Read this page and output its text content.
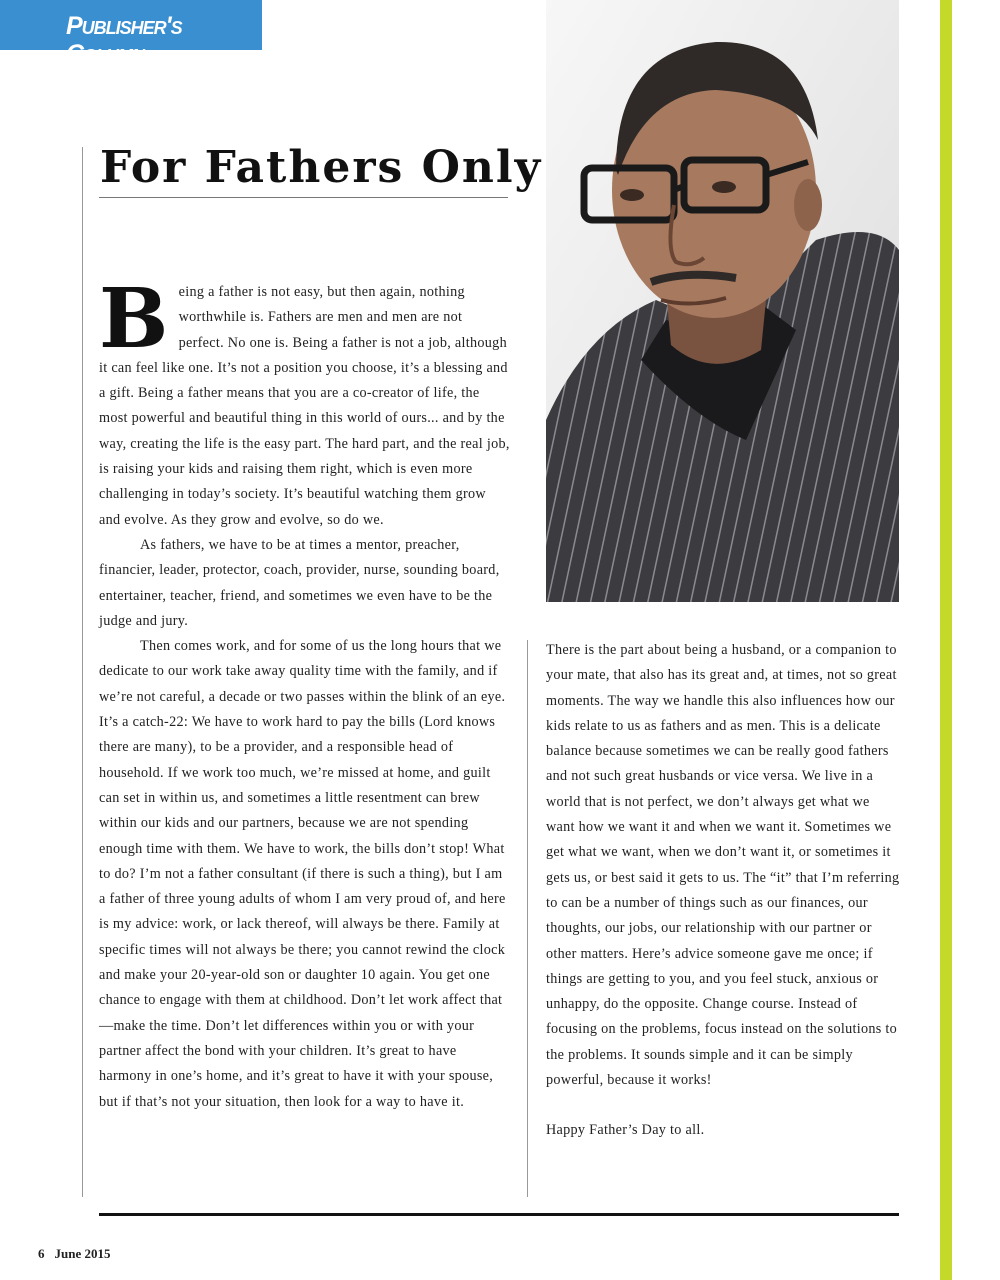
Publisher's Column
For Fathers Only

Being a father is not easy, but then again, nothing worthwhile is. Fathers are men and men are not perfect. No one is. Being a father is not a job, although it can feel like one. It’s not a position you choose, it’s a blessing and a gift. Being a father means that you are a co-creator of life, the most powerful and beautiful thing in this world of ours... and by the way, creating the life is the easy part. The hard part, and the real job, is raising your kids and raising them right, which is even more challenging in today’s society. It’s beautiful watching them grow and evolve. As they grow and evolve, so do we.

As fathers, we have to be at times a mentor, preacher, financier, leader, protector, coach, provider, nurse, sounding board, entertainer, teacher, friend, and sometimes we even have to be the judge and jury.

Then comes work, and for some of us the long hours that we dedicate to our work take away quality time with the family, and if we’re not careful, a decade or two passes within the blink of an eye. It’s a catch-22: We have to work hard to pay the bills (Lord knows there are many), to be a provider, and a responsible head of household. If we work too much, we’re missed at home, and guilt can set in within us, and sometimes a little resentment can brew within our kids and our partners, because we are not spending enough time with them. We have to work, the bills don’t stop! What to do? I’m not a father consultant (if there is such a thing), but I am a father of three young adults of whom I am very proud of, and here is my advice: work, or lack thereof, will always be there. Family at specific times will not always be there; you cannot rewind the clock and make your 20-year-old son or daughter 10 again. You get one chance to engage with them at childhood. Don’t let work affect that—make the time. Don’t let differences within you or with your partner affect the bond with your children. It’s great to have harmony in one’s home, and it’s great to have it with your spouse, but if that’s not your situation, then look for a way to have it.

There is the part about being a husband, or a companion to your mate, that also has its great and, at times, not so great moments. The way we handle this also influences how our kids relate to us as fathers and as men. This is a delicate balance because sometimes we can be really good fathers and not such great husbands or vice versa. We live in a world that is not perfect, we don’t always get what we want how we want it and when we want it. Sometimes we get what we want, when we don’t want it, or sometimes it gets us, or best said it gets to us. The “it” that I’m referring to can be a number of things such as our finances, our thoughts, our jobs, our relationship with our partner or other matters. Here’s advice someone gave me once; if things are getting to you, and you feel stuck, anxious or unhappy, do the opposite. Change course. Instead of focusing on the problems, focus instead on the solutions to the problems. It sounds simple and it can be simply powerful, because it works!

Happy Father’s Day to all.

6 June 2015
